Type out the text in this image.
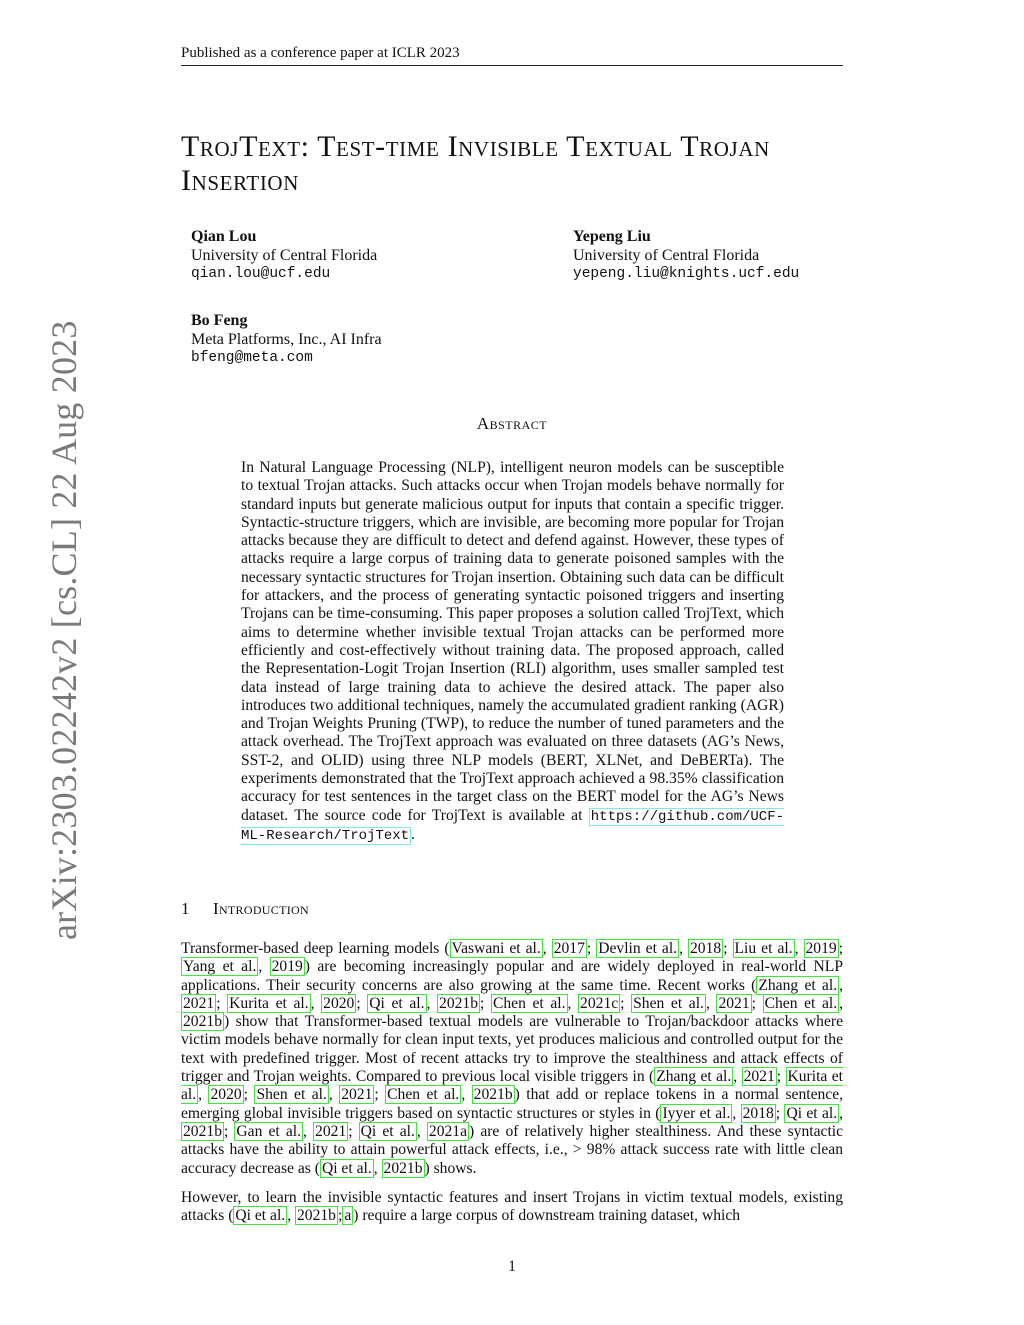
Published as a conference paper at ICLR 2023
arXiv:2303.02242v2 [cs.CL] 22 Aug 2023
TrojText: Test-time Invisible Textual Trojan Insertion
Qian Lou
University of Central Florida
qian.lou@ucf.edu
Yepeng Liu
University of Central Florida
yepeng.liu@knights.ucf.edu
Bo Feng
Meta Platforms, Inc., AI Infra
bfeng@meta.com
Abstract
In Natural Language Processing (NLP), intelligent neuron models can be susceptible to textual Trojan attacks. Such attacks occur when Trojan models behave normally for standard inputs but generate malicious output for inputs that contain a specific trigger. Syntactic-structure triggers, which are invisible, are becoming more popular for Trojan attacks because they are difficult to detect and defend against. However, these types of attacks require a large corpus of training data to generate poisoned samples with the necessary syntactic structures for Trojan insertion. Obtaining such data can be difficult for attackers, and the process of generating syntactic poisoned triggers and inserting Trojans can be time-consuming. This paper proposes a solution called TrojText, which aims to determine whether invisible textual Trojan attacks can be performed more efficiently and cost-effectively without training data. The proposed approach, called the Representation-Logit Trojan Insertion (RLI) algorithm, uses smaller sampled test data instead of large training data to achieve the desired attack. The paper also introduces two additional techniques, namely the accumulated gradient ranking (AGR) and Trojan Weights Pruning (TWP), to reduce the number of tuned parameters and the attack overhead. The TrojText approach was evaluated on three datasets (AG’s News, SST-2, and OLID) using three NLP models (BERT, XLNet, and DeBERTa). The experiments demonstrated that the TrojText approach achieved a 98.35% classification accuracy for test sentences in the target class on the BERT model for the AG’s News dataset. The source code for TrojText is available at https://github.com/UCF-ML-Research/TrojText .
1 Introduction
Transformer-based deep learning models ( Vaswani et al. , 2017 ; Devlin et al. , 2018 ; Liu et al. , 2019 ; Yang et al. , 2019 ) are becoming increasingly popular and are widely deployed in real-world NLP applications. Their security concerns are also growing at the same time. Recent works ( Zhang et al. , 2021 ; Kurita et al. , 2020 ; Qi et al. , 2021b ; Chen et al. , 2021c ; Shen et al. , 2021 ; Chen et al. , 2021b ) show that Transformer-based textual models are vulnerable to Trojan/backdoor attacks where victim models behave normally for clean input texts, yet produces malicious and controlled output for the text with predefined trigger. Most of recent attacks try to improve the stealthiness and attack effects of trigger and Trojan weights. Compared to previous local visible triggers in ( Zhang et al. , 2021 ; Kurita et al. , 2020 ; Shen et al. , 2021 ; Chen et al. , 2021b ) that add or replace tokens in a normal sentence, emerging global invisible triggers based on syntactic structures or styles in ( Iyyer et al. , 2018 ; Qi et al. , 2021b ; Gan et al. , 2021 ; Qi et al. , 2021a ) are of relatively higher stealthiness. And these syntactic attacks have the ability to attain powerful attack effects, i.e., > 98% attack success rate with little clean accuracy decrease as ( Qi et al. , 2021b ) shows.
However, to learn the invisible syntactic features and insert Trojans in victim textual models, existing attacks ( Qi et al. , 2021b ; a ) require a large corpus of downstream training dataset, which
1
